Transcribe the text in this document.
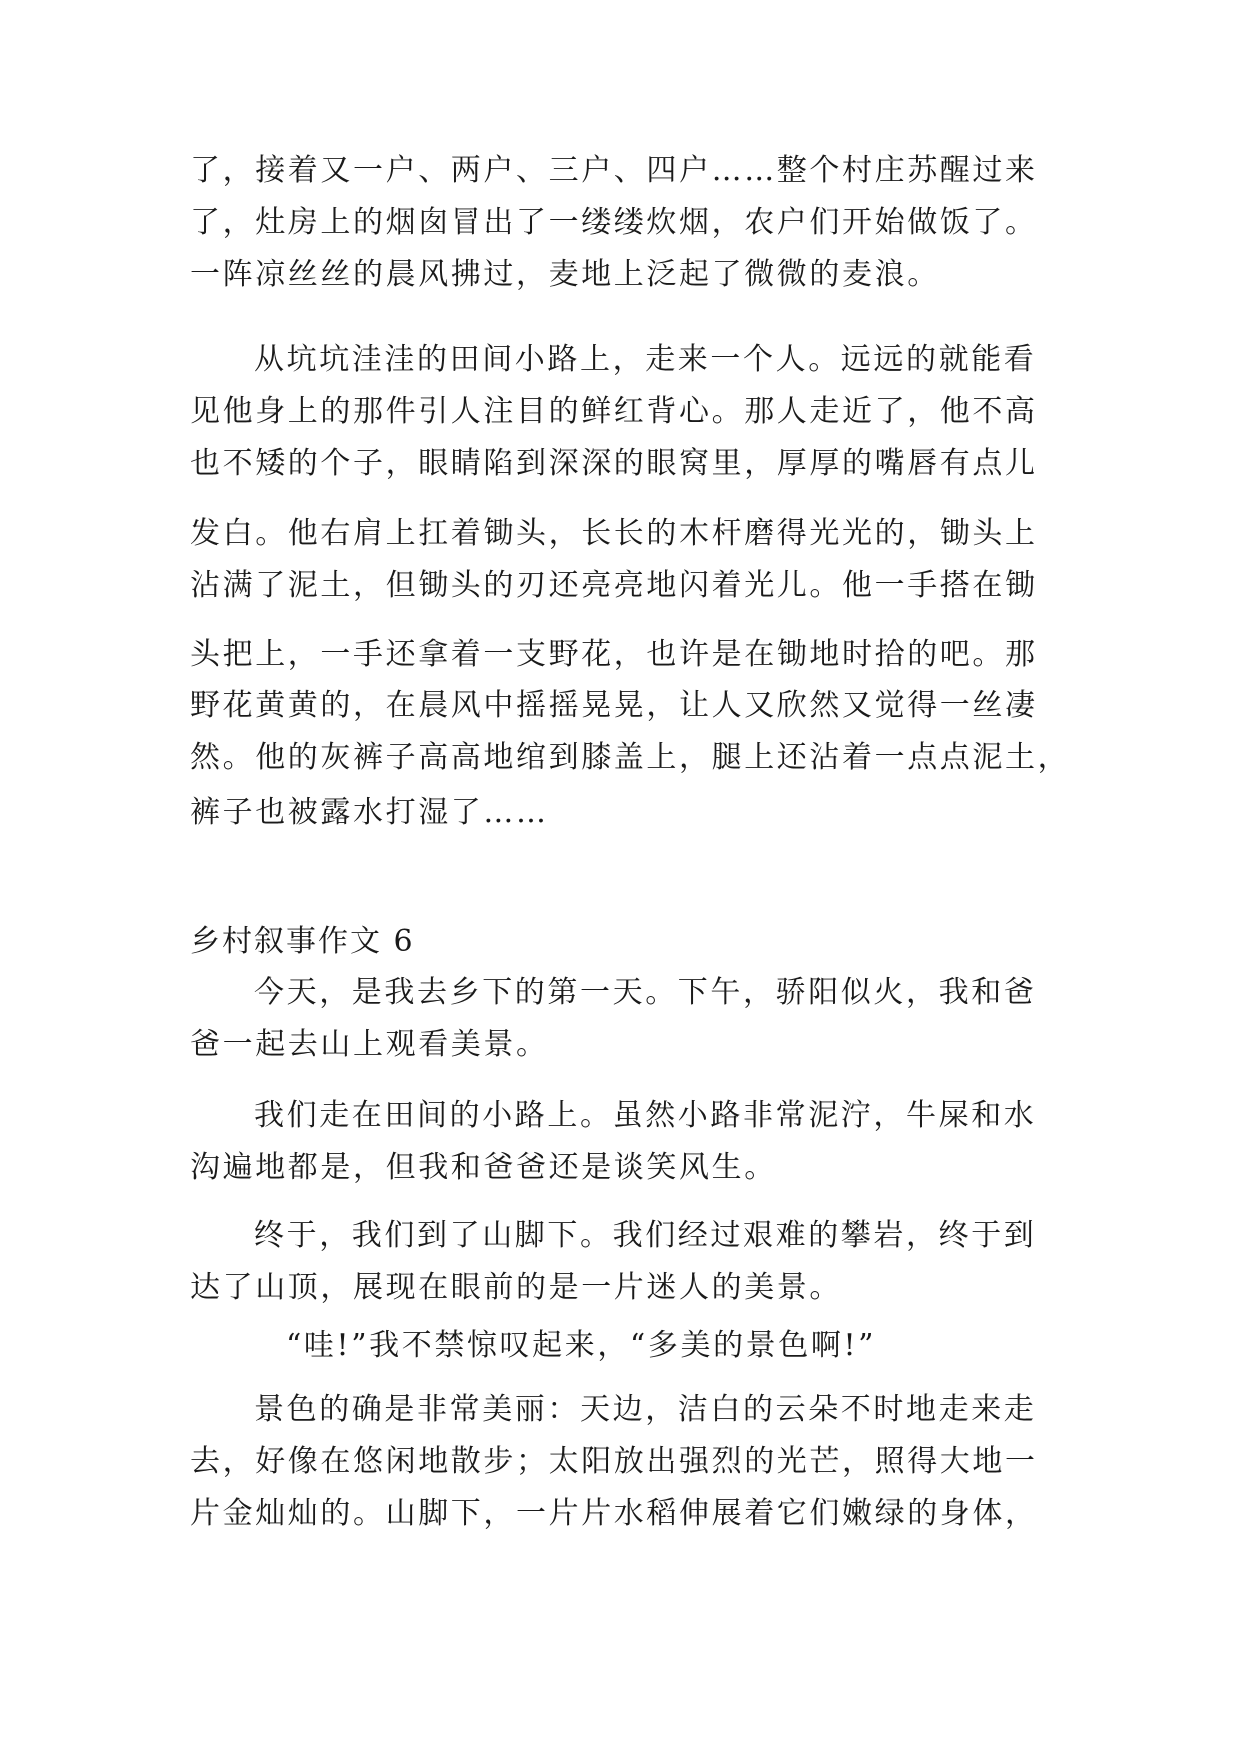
了，接着又一户、两户、三户、四户……整个村庄苏醒过来
了，灶房上的烟囱冒出了一缕缕炊烟，农户们开始做饭了。
一阵凉丝丝的晨风拂过，麦地上泛起了微微的麦浪。
从坑坑洼洼的田间小路上，走来一个人。远远的就能看
见他身上的那件引人注目的鲜红背心。那人走近了，他不高
也不矮的个子，眼睛陷到深深的眼窝里，厚厚的嘴唇有点儿
发白。他右肩上扛着锄头，长长的木杆磨得光光的，锄头上
沾满了泥土，但锄头的刃还亮亮地闪着光儿。他一手搭在锄
头把上，一手还拿着一支野花，也许是在锄地时拾的吧。那
野花黄黄的，在晨风中摇摇晃晃，让人又欣然又觉得一丝凄
然。他的灰裤子高高地绾到膝盖上，腿上还沾着一点点泥土，
裤子也被露水打湿了……
乡村叙事作文 6
今天，是我去乡下的第一天。下午，骄阳似火，我和爸
爸一起去山上观看美景。
我们走在田间的小路上。虽然小路非常泥泞，牛屎和水
沟遍地都是，但我和爸爸还是谈笑风生。
终于，我们到了山脚下。我们经过艰难的攀岩，终于到
达了山顶，展现在眼前的是一片迷人的美景。
“哇!”我不禁惊叹起来，“多美的景色啊!”
景色的确是非常美丽：天边，洁白的云朵不时地走来走
去，好像在悠闲地散步；太阳放出强烈的光芒，照得大地一
片金灿灿的。山脚下，一片片水稻伸展着它们嫩绿的身体，
